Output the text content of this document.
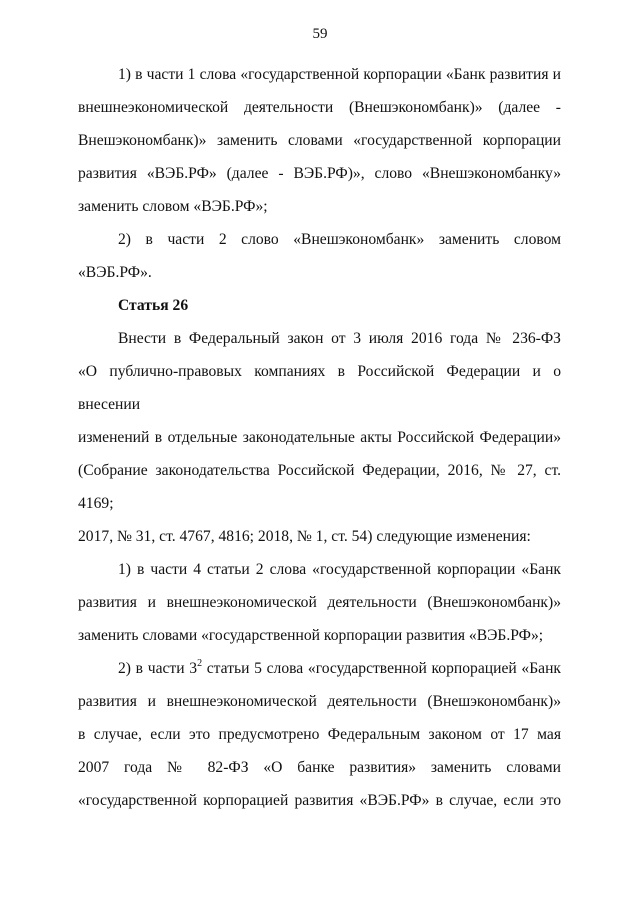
59

1) в части 1 слова «государственной корпорации «Банк развития и
внешнеэкономической деятельности (Внешэкономбанк)» (далее -
Внешэкономбанк)» заменить словами «государственной корпорации
развития «ВЭБ.РФ» (далее - ВЭБ.РФ)», слово «Внешэкономбанку»
заменить словом «ВЭБ.РФ»;

2) в части 2 слово «Внешэкономбанк» заменить словом «ВЭБ.РФ».

Статья 26

Внести в Федеральный закон от 3 июля 2016 года № 236-ФЗ
«О публично-правовых компаниях в Российской Федерации и о внесении
изменений в отдельные законодательные акты Российской Федерации»
(Собрание законодательства Российской Федерации, 2016, № 27, ст. 4169;
2017, № 31, ст. 4767, 4816; 2018, № 1, ст. 54) следующие изменения:

1) в части 4 статьи 2 слова «государственной корпорации «Банк
развития и внешнеэкономической деятельности (Внешэкономбанк)»
заменить словами «государственной корпорации развития «ВЭБ.РФ»;

2) в части $3^2$ статьи 5 слова «государственной корпорацией «Банк
развития и внешнеэкономической деятельности (Внешэкономбанк)»
в случае, если это предусмотрено Федеральным законом от 17 мая
2007 года № 82-ФЗ «О банке развития» заменить словами
«государственной корпорацией развития «ВЭБ.РФ» в случае, если это
